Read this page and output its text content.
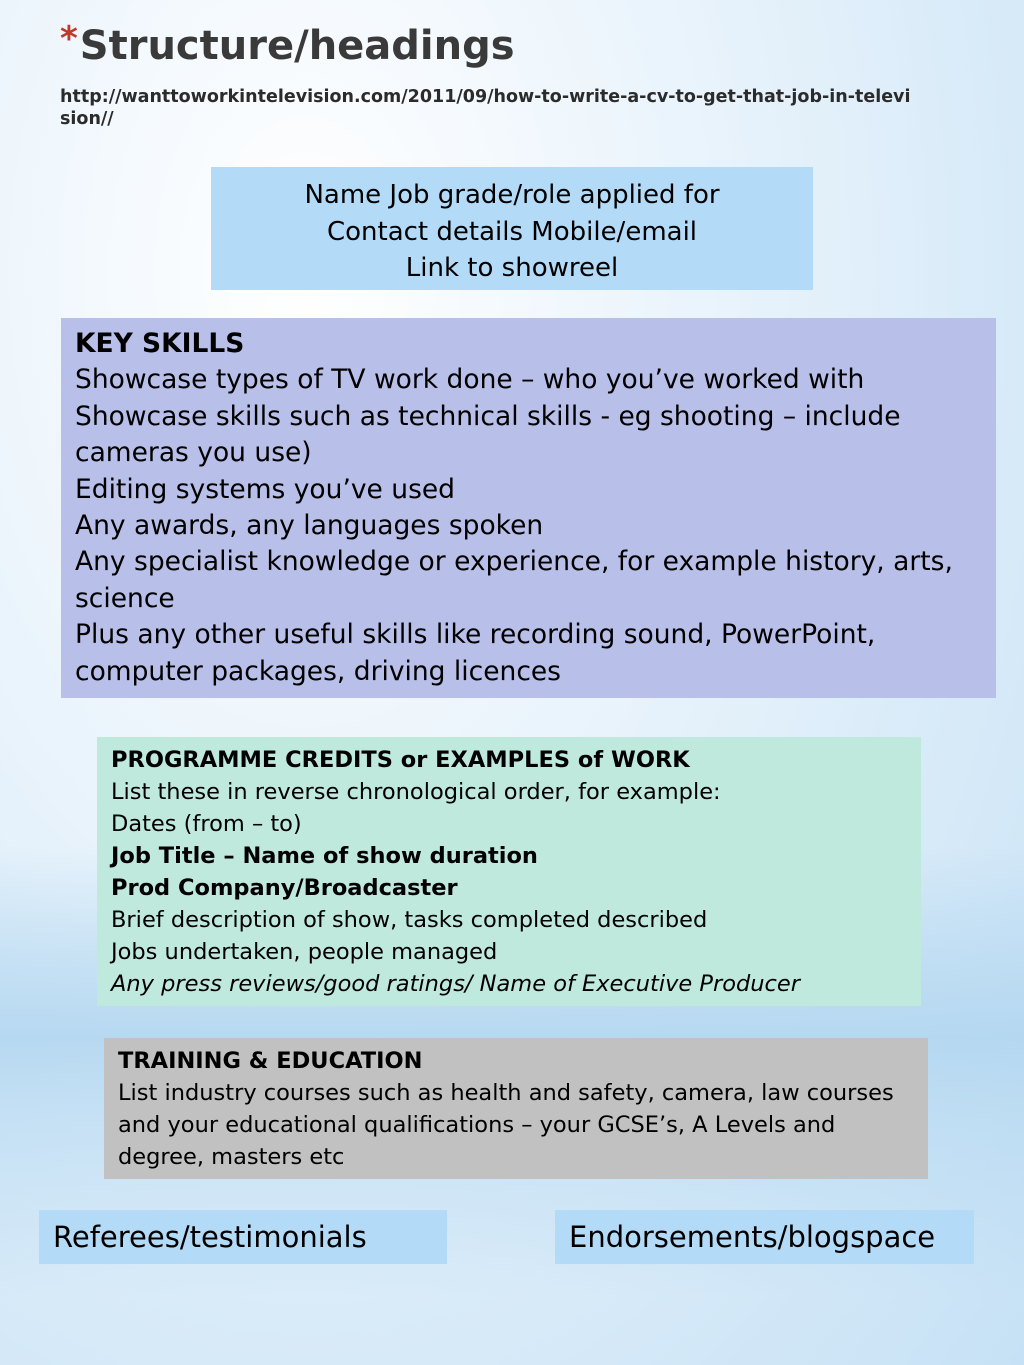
* Structure/headings
http://wanttoworkintelevision.com/2011/09/how-to-write-a-cv-to-get-that-job-in-television//
Name Job grade/role applied for
Contact details Mobile/email
Link to showreel
KEY SKILLS
Showcase types of TV work done – who you’ve worked with
Showcase skills such as technical skills - eg shooting – include cameras you use)
Editing systems you’ve used
Any awards, any languages spoken
Any specialist knowledge or experience, for example history, arts, science
Plus any other useful skills like recording sound, PowerPoint, computer packages, driving licences
PROGRAMME CREDITS or EXAMPLES of WORK
List these in reverse chronological order, for example:
Dates (from – to)
Job Title – Name of show duration
Prod Company/Broadcaster
Brief description of show, tasks completed described
Jobs undertaken, people managed
Any press reviews/good ratings/ Name of Executive Producer
TRAINING & EDUCATION
List industry courses such as health and safety, camera, law courses and your educational qualifications – your GCSE’s, A Levels and degree, masters etc
Referees/testimonials	Endorsements/blogspace
